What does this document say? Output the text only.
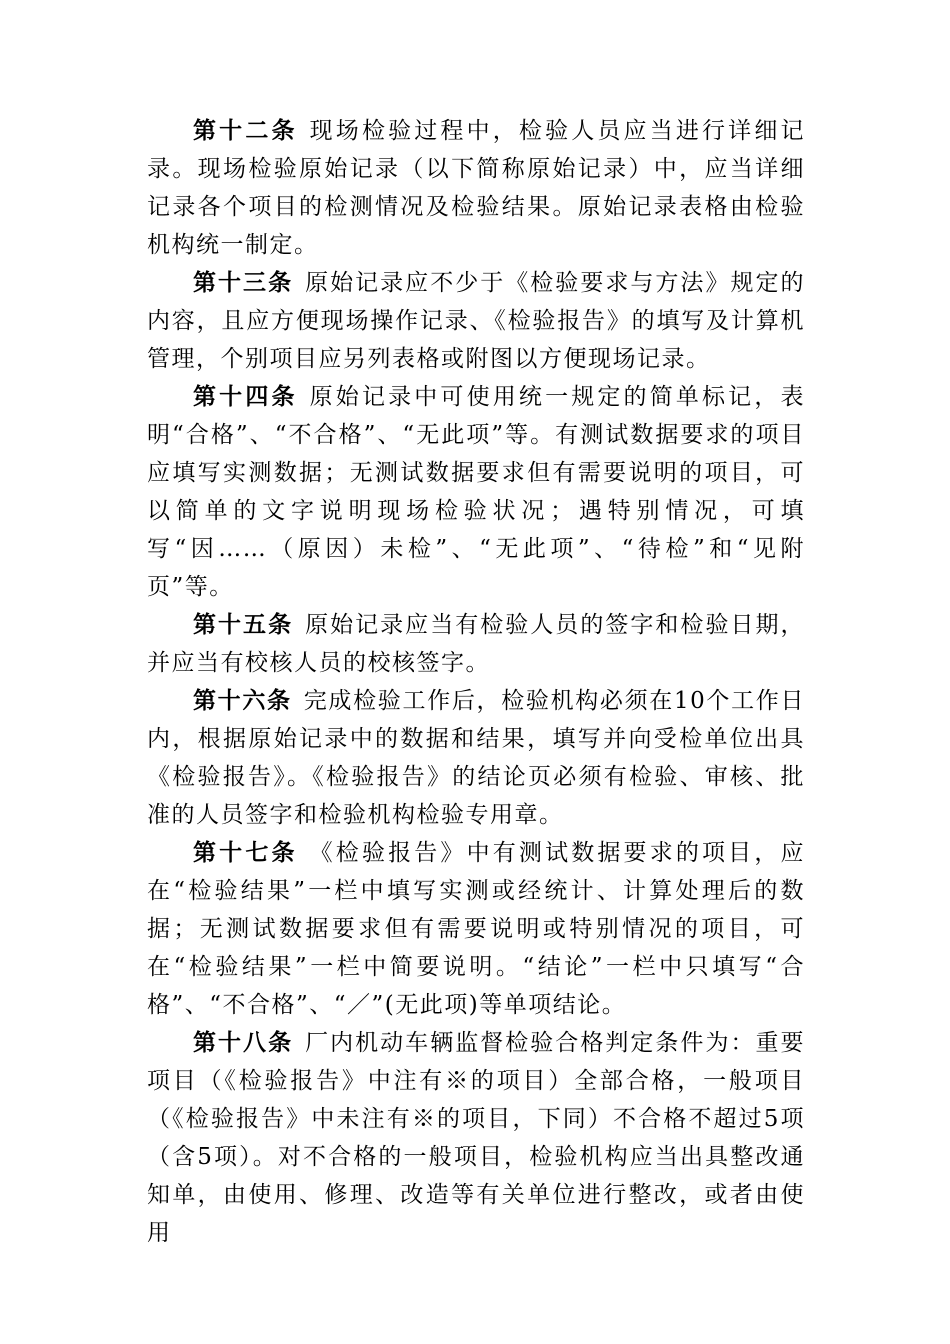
第十二条 现场检验过程中，检验人员应当进行详细记录。现场检验原始记录（以下简称原始记录）中，应当详细记录各个项目的检测情况及检验结果。原始记录表格由检验机构统一制定。

第十三条 原始记录应不少于《检验要求与方法》规定的内容，且应方便现场操作记录、《检验报告》的填写及计算机管理，个别项目应另列表格或附图以方便现场记录。

第十四条 原始记录中可使用统一规定的简单标记，表明“合格”、“不合格”、“无此项”等。有测试数据要求的项目应填写实测数据；无测试数据要求但有需要说明的项目，可以简单的文字说明现场检验状况；遇特别情况，可填写“因……（原因）未检”、“无此项”、“待检”和“见附页”等。

第十五条 原始记录应当有检验人员的签字和检验日期，并应当有校核人员的校核签字。

第十六条 完成检验工作后，检验机构必须在10个工作日内，根据原始记录中的数据和结果，填写并向受检单位出具《检验报告》。《检验报告》的结论页必须有检验、审核、批准的人员签字和检验机构检验专用章。

第十七条 《检验报告》中有测试数据要求的项目，应在“检验结果”一栏中填写实测或经统计、计算处理后的数据；无测试数据要求但有需要说明或特别情况的项目，可在“检验结果”一栏中简要说明。“结论”一栏中只填写“合格”、“不合格”、“／”(无此项)等单项结论。

第十八条 厂内机动车辆监督检验合格判定条件为：重要项目（《检验报告》中注有※的项目）全部合格，一般项目（《检验报告》中未注有※的项目，下同）不合格不超过5项（含5项）。对不合格的一般项目，检验机构应当出具整改通知单，由使用、修理、改造等有关单位进行整改，或者由使用
